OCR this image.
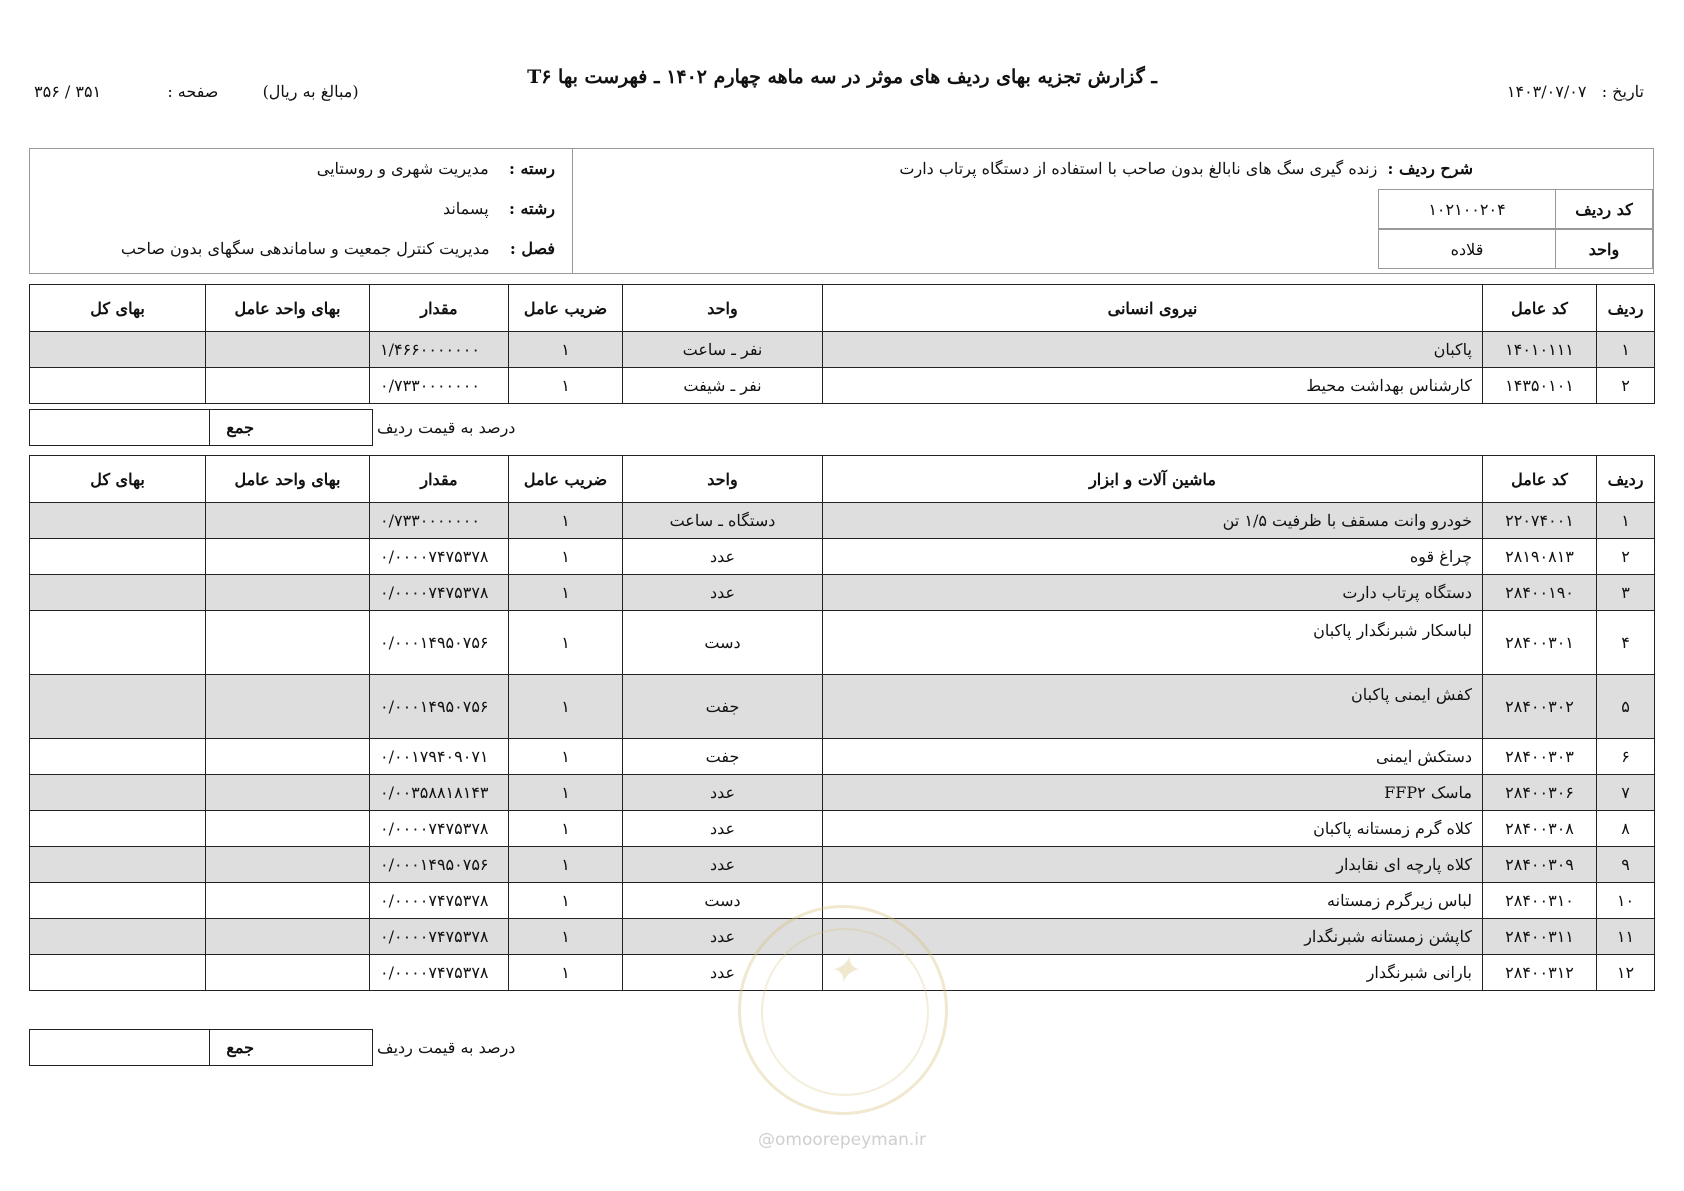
T۶ ـ گزارش تجزیه بهای ردیف های موثر در سه ماهه چهارم ۱۴۰۲ ـ فهرست بها
تاریخ :   ۱۴۰۳/۰۷/۰۷
(مبالغ به ریال)  صفحه :  ۳۵۱ / ۳۵۶
شرح ردیف :  زنده گیری سگ های نابالغ بدون صاحب با استفاده از دستگاه پرتاب دارت
کد ردیف
۱۰۲۱۰۰۲۰۴
واحد
قلاده
رسته :    مدیریت شهری و روستایی
رشته :    پسماند
فصل :    مدیریت کنترل جمعیت و ساماندهی سگهای بدون صاحب
ردیف	کد عامل	نیروی انسانی	واحد	ضریب عامل	مقدار	بهای واحد عامل	بهای کل
۱	۱۴۰۱۰۱۱۱	پاکبان	نفر ـ ساعت	۱	۱/۴۶۶۰۰۰۰۰۰۰		
۲	۱۴۳۵۰۱۰۱	کارشناس بهداشت محیط	نفر ـ شیفت	۱	۰/۷۳۳۰۰۰۰۰۰۰		
جمع	درصد به قیمت ردیف
ردیف	کد عامل	ماشین آلات و ابزار	واحد	ضریب عامل	مقدار	بهای واحد عامل	بهای کل
۱	۲۲۰۷۴۰۰۱	خودرو وانت مسقف با ظرفیت ۱/۵ تن	دستگاه ـ ساعت	۱	۰/۷۳۳۰۰۰۰۰۰۰		
۲	۲۸۱۹۰۸۱۳	چراغ قوه	عدد	۱	۰/۰۰۰۰۷۴۷۵۳۷۸		
۳	۲۸۴۰۰۱۹۰	دستگاه پرتاب دارت	عدد	۱	۰/۰۰۰۰۷۴۷۵۳۷۸		
۴	۲۸۴۰۰۳۰۱	لباسکار شبرنگدار پاکبان	دست	۱	۰/۰۰۰۱۴۹۵۰۷۵۶		
۵	۲۸۴۰۰۳۰۲	کفش ایمنی پاکبان	جفت	۱	۰/۰۰۰۱۴۹۵۰۷۵۶		
۶	۲۸۴۰۰۳۰۳	دستکش ایمنی	جفت	۱	۰/۰۰۱۷۹۴۰۹۰۷۱		
۷	۲۸۴۰۰۳۰۶	ماسک FFP۲	عدد	۱	۰/۰۰۳۵۸۸۱۸۱۴۳		
۸	۲۸۴۰۰۳۰۸	کلاه گرم زمستانه پاکبان	عدد	۱	۰/۰۰۰۰۷۴۷۵۳۷۸		
۹	۲۸۴۰۰۳۰۹	کلاه پارچه ای نقابدار	عدد	۱	۰/۰۰۰۱۴۹۵۰۷۵۶		
۱۰	۲۸۴۰۰۳۱۰	لباس زیرگرم زمستانه	دست	۱	۰/۰۰۰۰۷۴۷۵۳۷۸		
۱۱	۲۸۴۰۰۳۱۱	کاپشن زمستانه شبرنگدار	عدد	۱	۰/۰۰۰۰۷۴۷۵۳۷۸		
۱۲	۲۸۴۰۰۳۱۲	بارانی شبرنگدار	عدد	۱	۰/۰۰۰۰۷۴۷۵۳۷۸		
جمع	درصد به قیمت ردیف
✦
@omoorepeyman.ir
